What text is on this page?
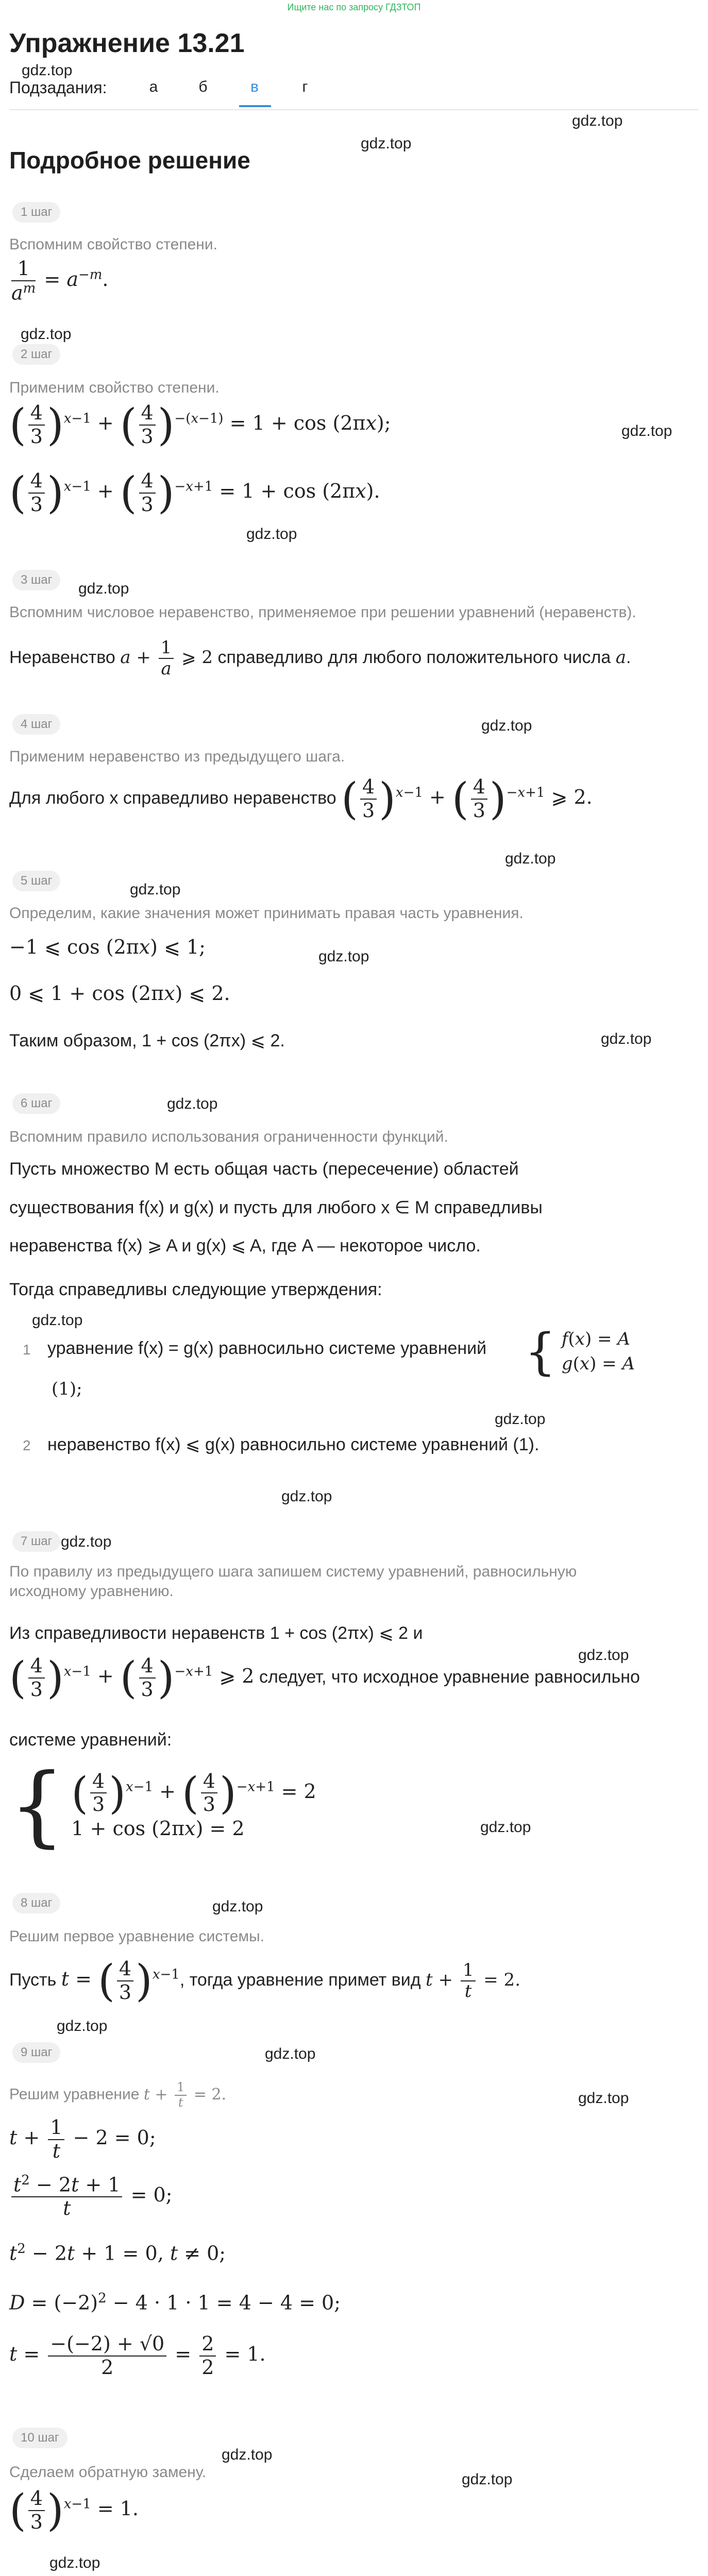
Ищите нас по запросу ГДЗТОП
Упражнение 13.21
gdz.top
Подзадания:	а	б	в	г
gdz.top
Подробное решение
gdz.top
1 шаг
Вспомним свойство степени.
$\frac{1}{a^m} = a^{-m}$.
gdz.top
2 шаг
Применим свойство степени.
( $\frac{4}{3} )^{x-1}$ + ( $\frac{4}{3} )^{-(x-1)} = 1 + \cos (2\pi x)$;	gdz.top
( $\frac{4}{3} )^{x-1}$ + ( $\frac{4}{3} )^{-x+1} = 1 + \cos (2\pi x)$.
gdz.top
3 шаг
gdz.top
Вспомним числовое неравенство, применяемое при решении уравнений (неравенств).
Неравенство $a + \frac{1}{a}$ ⩾ 2 справедливо для любого положительного числа a.
4 шаг	gdz.top
Применим неравенство из предыдущего шага.
Для любого x справедливо неравенство ( $\frac{4}{3} )^{x-1}$ + ( $\frac{4}{3} )^{-x+1}$ ⩾ 2.
gdz.top
5 шаг
gdz.top
gdz.top
Определим, какие значения может принимать правая часть уравнения.
−1 ⩽ cos (2πx) ⩽ 1;
0 ⩽ 1 + cos (2πx) ⩽ 2.
Таким образом, 1 + cos (2πx) ⩽ 2.	gdz.top
6 шаг	gdz.top
Вспомним правило использования ограниченности функций.
Пусть множество M есть общая часть (пересечение) областей
существования f(x) и g(x) и пусть для любого x ∈ M справедливы
неравенства f(x) ⩾ A и g(x) ⩽ A, где A — некоторое число.
Тогда справедливы следующие утверждения:
gdz.top
1 уравнение f(x) = g(x) равносильно системе уравнений { f(x) = A
g(x) = A
(1);
gdz.top
2 неравенство f(x) ⩽ g(x) равносильно системе уравнений (1).
gdz.top
7 шаг gdz.top
По правилу из предыдущего шага запишем систему уравнений, равносильную
исходному уравнению.
Из справедливости неравенств 1 + cos (2πx) ⩽ 2 и
gdz.top
( $\frac{4}{3} )^{x-1}$ + ( $\frac{4}{3} )^{-x+1}$ ⩾ 2 следует, что исходное уравнение равносильно
системе уравнений:
{ ( $\frac{4}{3} )^{x-1}$ + ( $\frac{4}{3} )^{-x+1} = 2$
1 + cos (2πx) = 2	gdz.top
8 шаг	gdz.top
Решим первое уравнение системы.
Пусть t = ( $\frac{4}{3} )^{x-1}$, тогда уравнение примет вид $t + \frac{1}{t} = 2$.
gdz.top
9 шаг	gdz.top
Решим уравнение $t + \frac{1}{t} = 2$.	gdz.top
$t + \frac{1}{t} - 2 = 0$;
$\frac{t^2 - 2t + 1}{t} = 0$;
$t^2 - 2t + 1 = 0$, t ≠ 0;
$D = (-2)^2 - 4 \cdot 1 \cdot 1 = 4 - 4 = 0$;
$t = \frac{-(-2) + √0}{2} = \frac{2}{2} = 1$.
10 шаг
gdz.top
Сделаем обратную замену.	gdz.top
( $\frac{4}{3} )^{x-1} = 1$.
gdz.top
